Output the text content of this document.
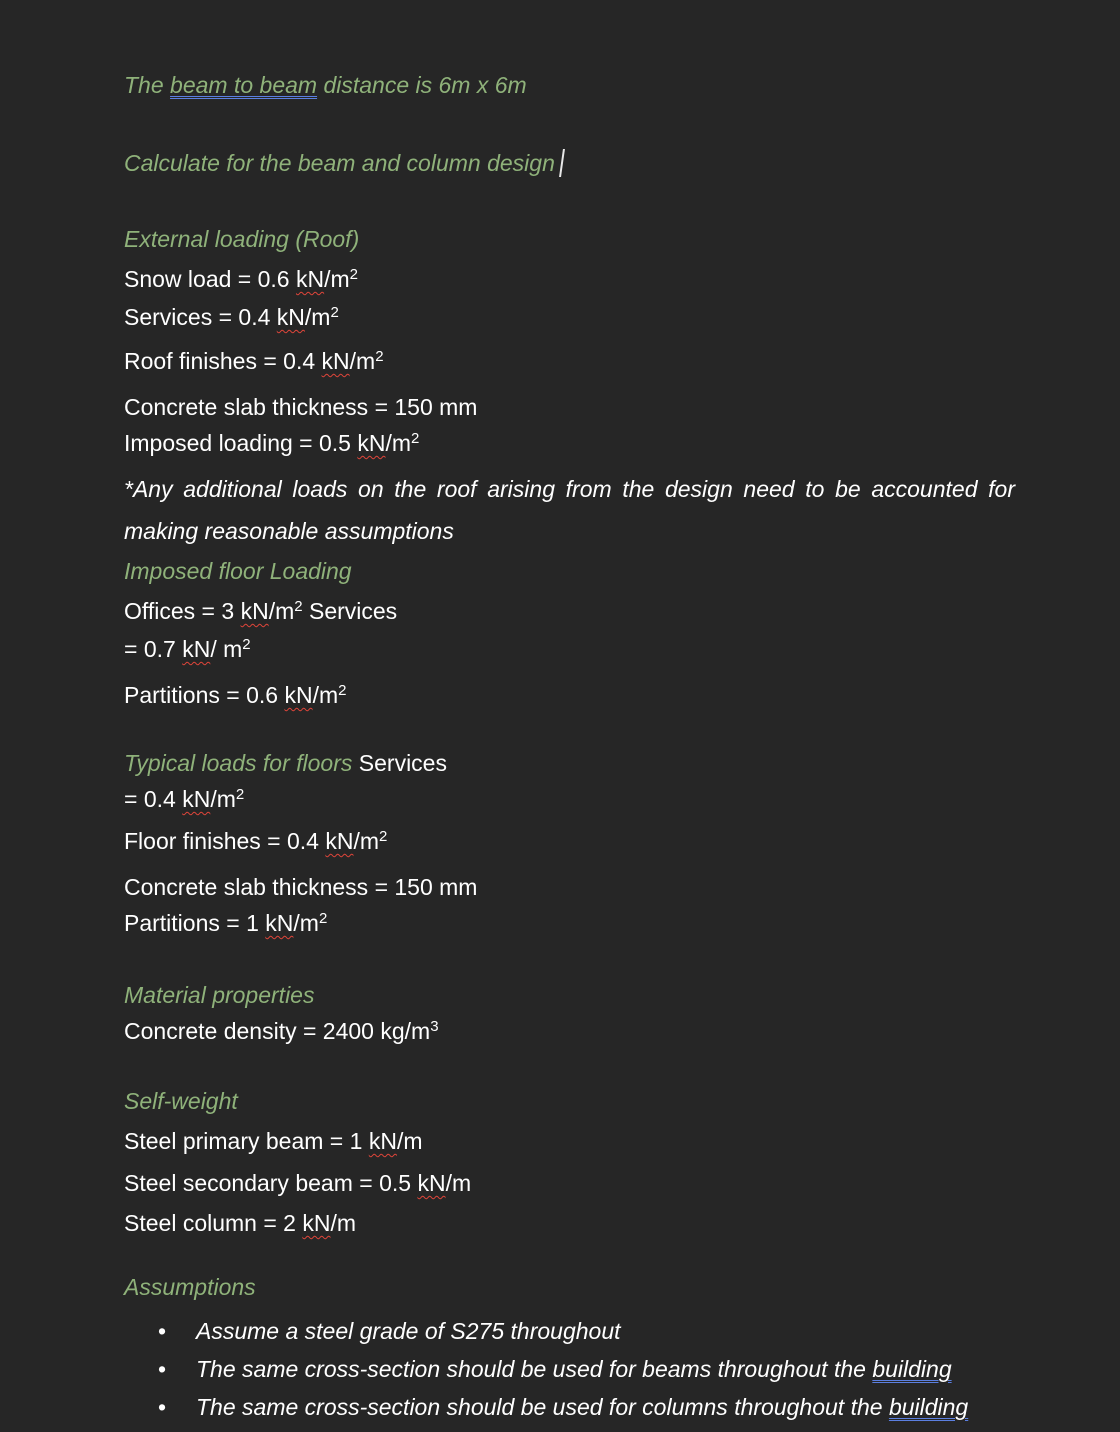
The beam to beam distance is 6m x 6m
Calculate for the beam and column design
External loading (Roof)
Snow load = 0.6 $kN/m^2$
Services = 0.4 $kN/m^2$
Roof finishes = 0.4 $kN/m^2$
Concrete slab thickness = 150 mm
Imposed loading = 0.5 $kN/m^2$
*Any additional loads on the roof arising from the design need to be accounted for
making reasonable assumptions
Imposed floor Loading
Offices = 3 $kN/m^2$ Services
= 0.7 kN/ $m^2$
Partitions = 0.6 $kN/m^2$
Typical loads for floors Services
= 0.4 $kN/m^2$
Floor finishes = 0.4 $kN/m^2$
Concrete slab thickness = 150 mm
Partitions = 1 $kN/m^2$
Material properties
Concrete density = 2400 $kg/m^3$
Self-weight
Steel primary beam = 1 kN/m
Steel secondary beam = 0.5 kN/m
Steel column = 2 kN/m
Assumptions
• Assume a steel grade of S275 throughout
• The same cross-section should be used for beams throughout the building
• The same cross-section should be used for columns throughout the building
